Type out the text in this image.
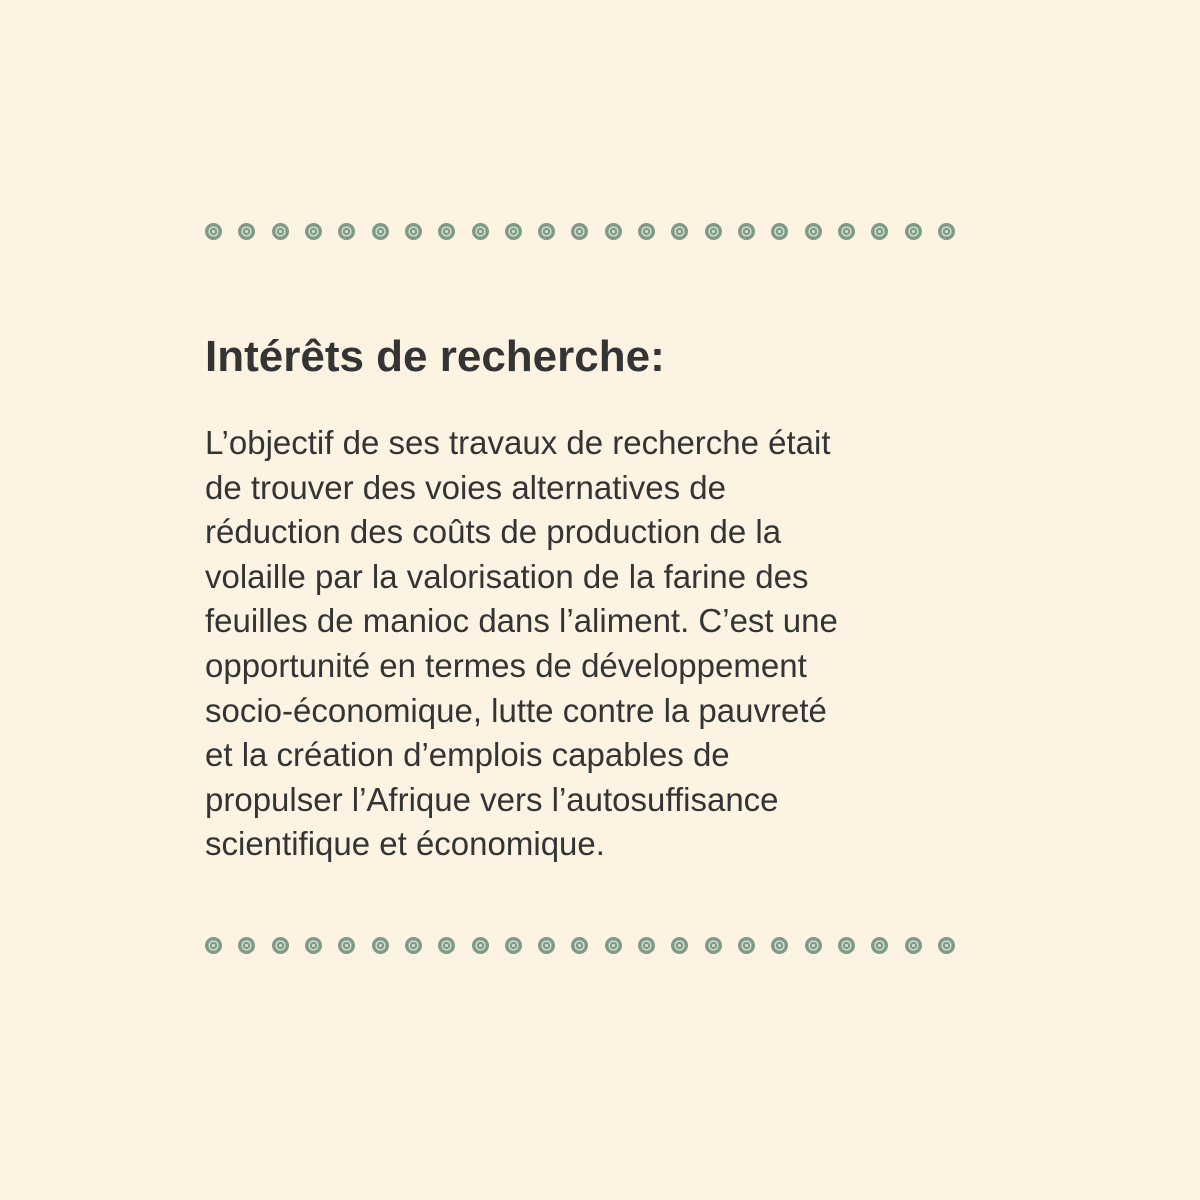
Intérêts de recherche:
L’objectif de ses travaux de recherche était
de trouver des voies alternatives de
réduction des coûts de production de la
volaille par la valorisation de la farine des
feuilles de manioc dans l’aliment. C’est une
opportunité en termes de développement
socio-économique, lutte contre la pauvreté
et la création d’emplois capables de
propulser l’Afrique vers l’autosuffisance
scientifique et économique.
